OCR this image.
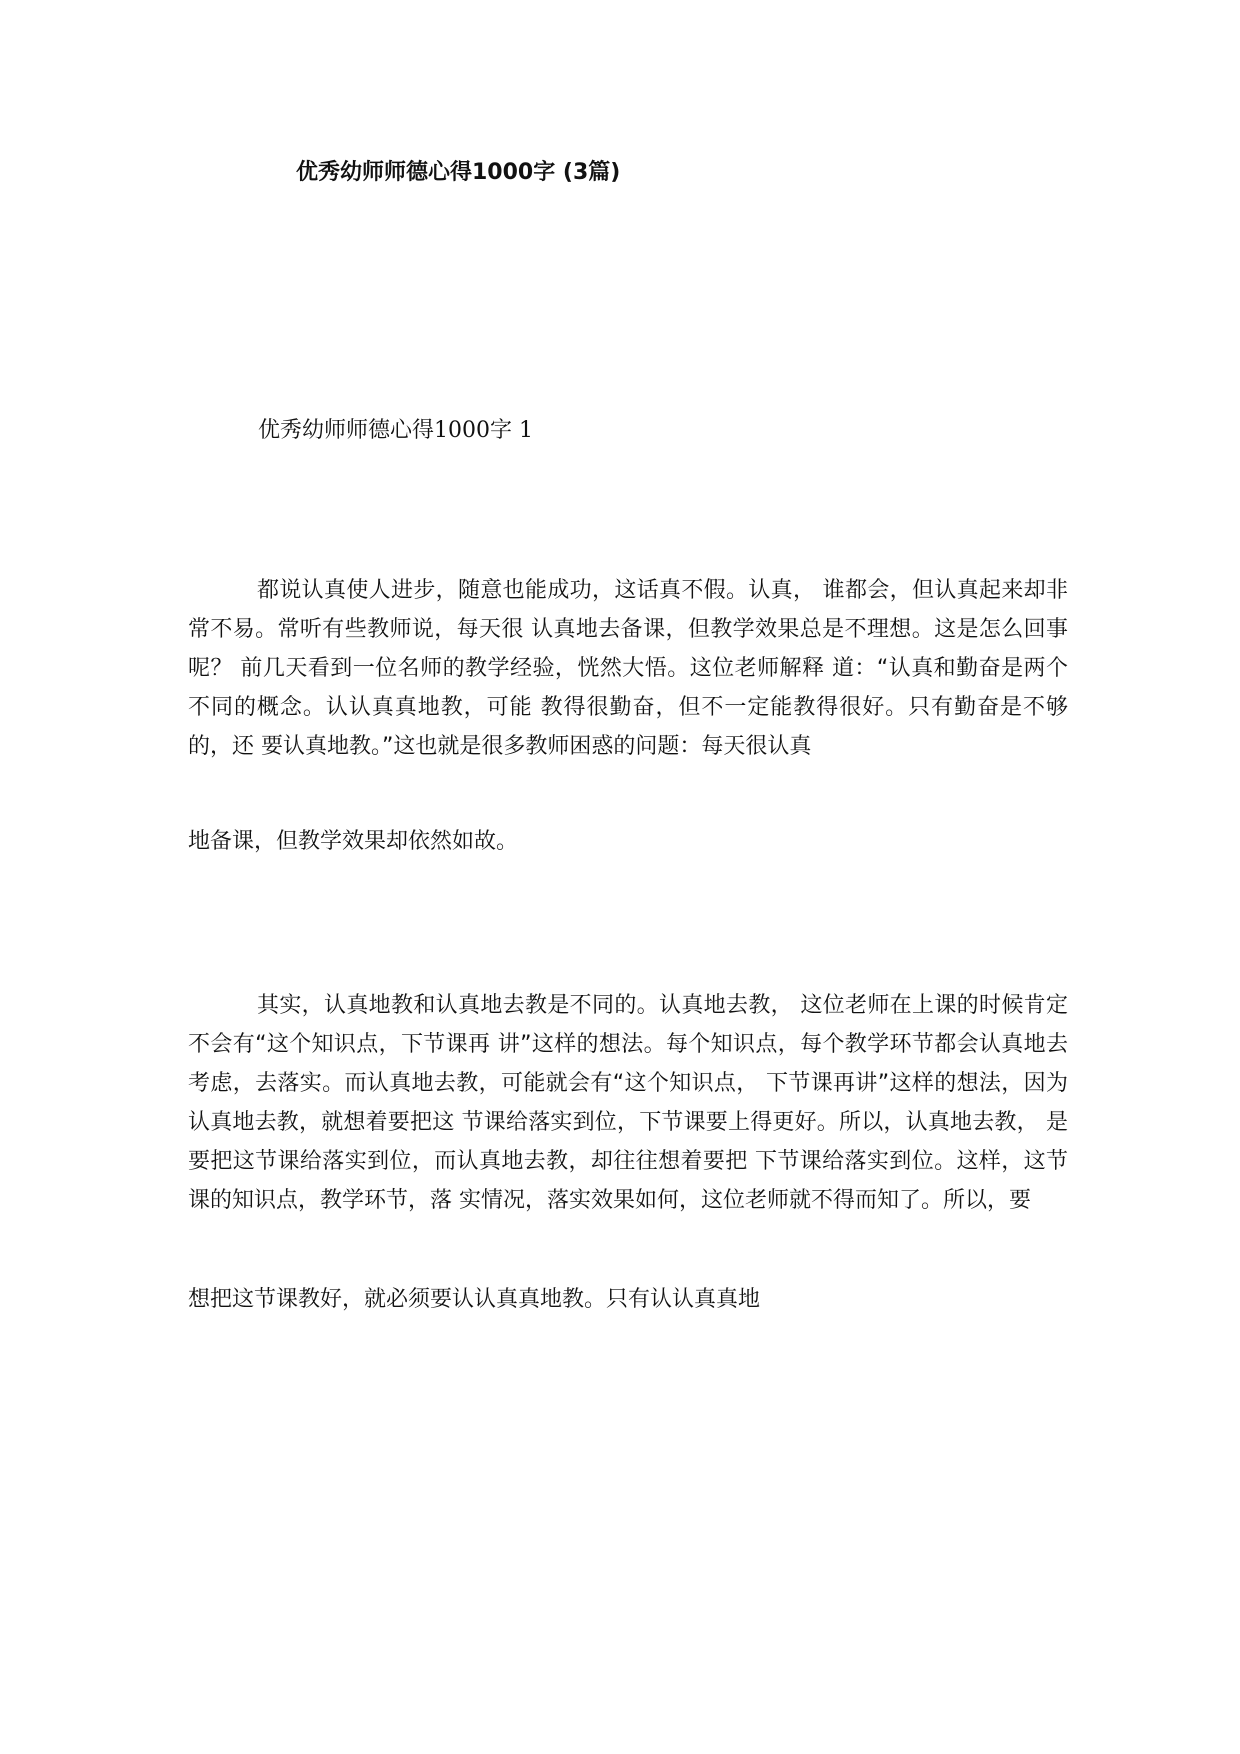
优秀幼师师德心得1000字 (3篇)
优秀幼师师德心得1000字 1

都说认真使人进步，随意也能成功，这话真不假。认真， 谁都会，但认真起来却非常不易。常听有些教师说，每天很 认真地去备课，但教学效果总是不理想。这是怎么回事呢？ 前几天看到一位名师的教学经验，恍然大悟。这位老师解释 道：“认真和勤奋是两个不同的概念。认认真真地教，可能 教得很勤奋，但不一定能教得很好。只有勤奋是不够的，还 要认真地教。”这也就是很多教师困惑的问题：每天很认真

地备课，但教学效果却依然如故。

其实，认真地教和认真地去教是不同的。认真地去教， 这位老师在上课的时候肯定不会有“这个知识点，下节课再 讲”这样的想法。每个知识点，每个教学环节都会认真地去 考虑，去落实。而认真地去教，可能就会有“这个知识点， 下节课再讲”这样的想法，因为认真地去教，就想着要把这 节课给落实到位，下节课要上得更好。所以，认真地去教， 是要把这节课给落实到位，而认真地去教，却往往想着要把 下节课给落实到位。这样，这节课的知识点，教学环节，落 实情况，落实效果如何，这位老师就不得而知了。所以，要

想把这节课教好，就必须要认认真真地教。只有认认真真地
